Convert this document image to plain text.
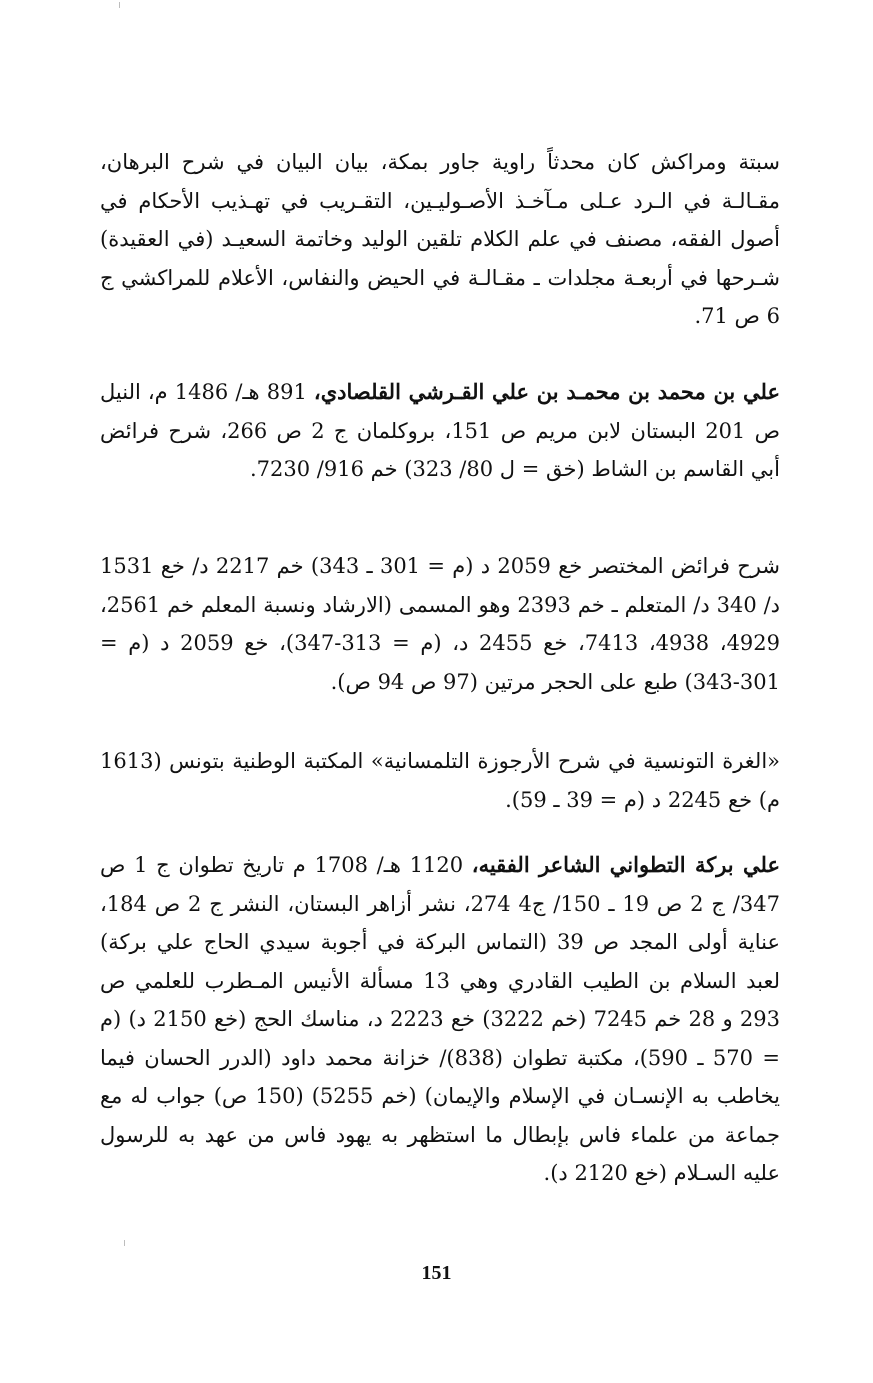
سبتة ومراكش كان محدثاً راوية جاور بمكة، بيان البيان في شرح البرهان، مقـالـة في الـرد عـلى مـآخـذ الأصـوليـين، التقـريب في تهـذيب الأحكام في أصول الفقه، مصنف في علم الكلام تلقين الوليد وخاتمة السعيـد (في العقيدة) شـرحها في أربعـة مجلدات ـ مقـالـة في الحيض والنفاس، الأعلام للمراكشي ج 6 ص 71.

علي بن محمد بن محمـد بن علي القـرشي القلصادي، 891 هـ/ 1486 م، النيل ص 201 البستان لابن مريم ص 151، بروكلمان ج 2 ص 266، شرح فرائض أبي القاسم بن الشاط (خق = ل 80/ 323) خم 916/ 7230.

شرح فرائض المختصر خع 2059 د (م = 301 ـ 343) خم 2217 د/ خع 1531 د/ 340 د/ المتعلم ـ خم 2393 وهو المسمى (الارشاد ونسبة المعلم خم 2561، 4929، 4938، 7413، خع 2455 د، (م = 313-347)، خع 2059 د (م = 301-343) طبع على الحجر مرتين (97 ص 94 ص).

«الغرة التونسية في شرح الأرجوزة التلمسانية» المكتبة الوطنية بتونس (1613 م) خع 2245 د (م = 39 ـ 59).

علي بركة التطواني الشاعر الفقيه، 1120 هـ/ 1708 م تاريخ تطوان ج 1 ص 347/ ج 2 ص 19 ـ 150/ ج4 274، نشر أزاهر البستان، النشر ج 2 ص 184، عناية أولى المجد ص 39 (التماس البركة في أجوبة سيدي الحاج علي بركة) لعبد السلام بن الطيب القادري وهي 13 مسألة الأنيس المـطرب للعلمي ص 293 و 28 خم 7245 (خم 3222) خع 2223 د، مناسك الحج (خع 2150 د) (م = 570 ـ 590)، مكتبة تطوان (838)/ خزانة محمد داود (الدرر الحسان فيما يخاطب به الإنسـان في الإسلام والإيمان) (خم 5255) (150 ص) جواب له مع جماعة من علماء فاس بإبطال ما استظهر به يهود فاس من عهد به للرسول عليه السـلام (خع 2120 د).

151
